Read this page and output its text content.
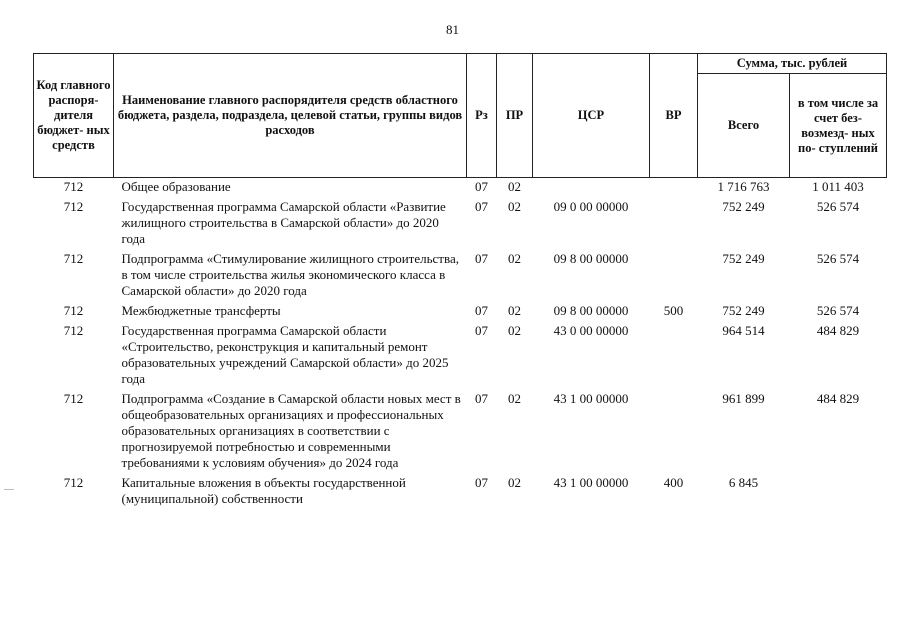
81
Код главного распоря- дителя бюджет- ных средств	Наименование главного распорядителя средств областного бюджета, раздела, подраздела, целевой статьи, группы видов расходов	Рз	ПР	ЦСР	ВР	Сумма, тыс. рублей	
						Всего	в том числе за счет без- возмезд- ных по- ступлений
712	Общее образование	07	02			1 716 763	1 011 403
712	Государственная программа Самарской области «Развитие жилищного строительства в Самарской области» до 2020 года	07	02	09 0 00 00000		752 249	526 574
712	Подпрограмма «Стимулирование жилищного строительства, в том числе строительства жилья экономического класса в Самарской области» до 2020 года	07	02	09 8 00 00000		752 249	526 574
712	Межбюджетные трансферты	07	02	09 8 00 00000	500	752 249	526 574
712	Государственная программа Самарской области «Строительство, реконструкция и капитальный ремонт образовательных учреждений Самарской области» до 2025 года	07	02	43 0 00 00000		964 514	484 829
712	Подпрограмма «Создание в Самарской области новых мест в общеобразовательных организациях и профессиональных образовательных организациях в соответствии с прогнозируемой потребностью и современными требованиями к условиям обучения» до 2024 года	07	02	43 1 00 00000		961 899	484 829
712	Капитальные вложения в объекты государственной (муниципальной) собственности	07	02	43 1 00 00000	400	6 845	
